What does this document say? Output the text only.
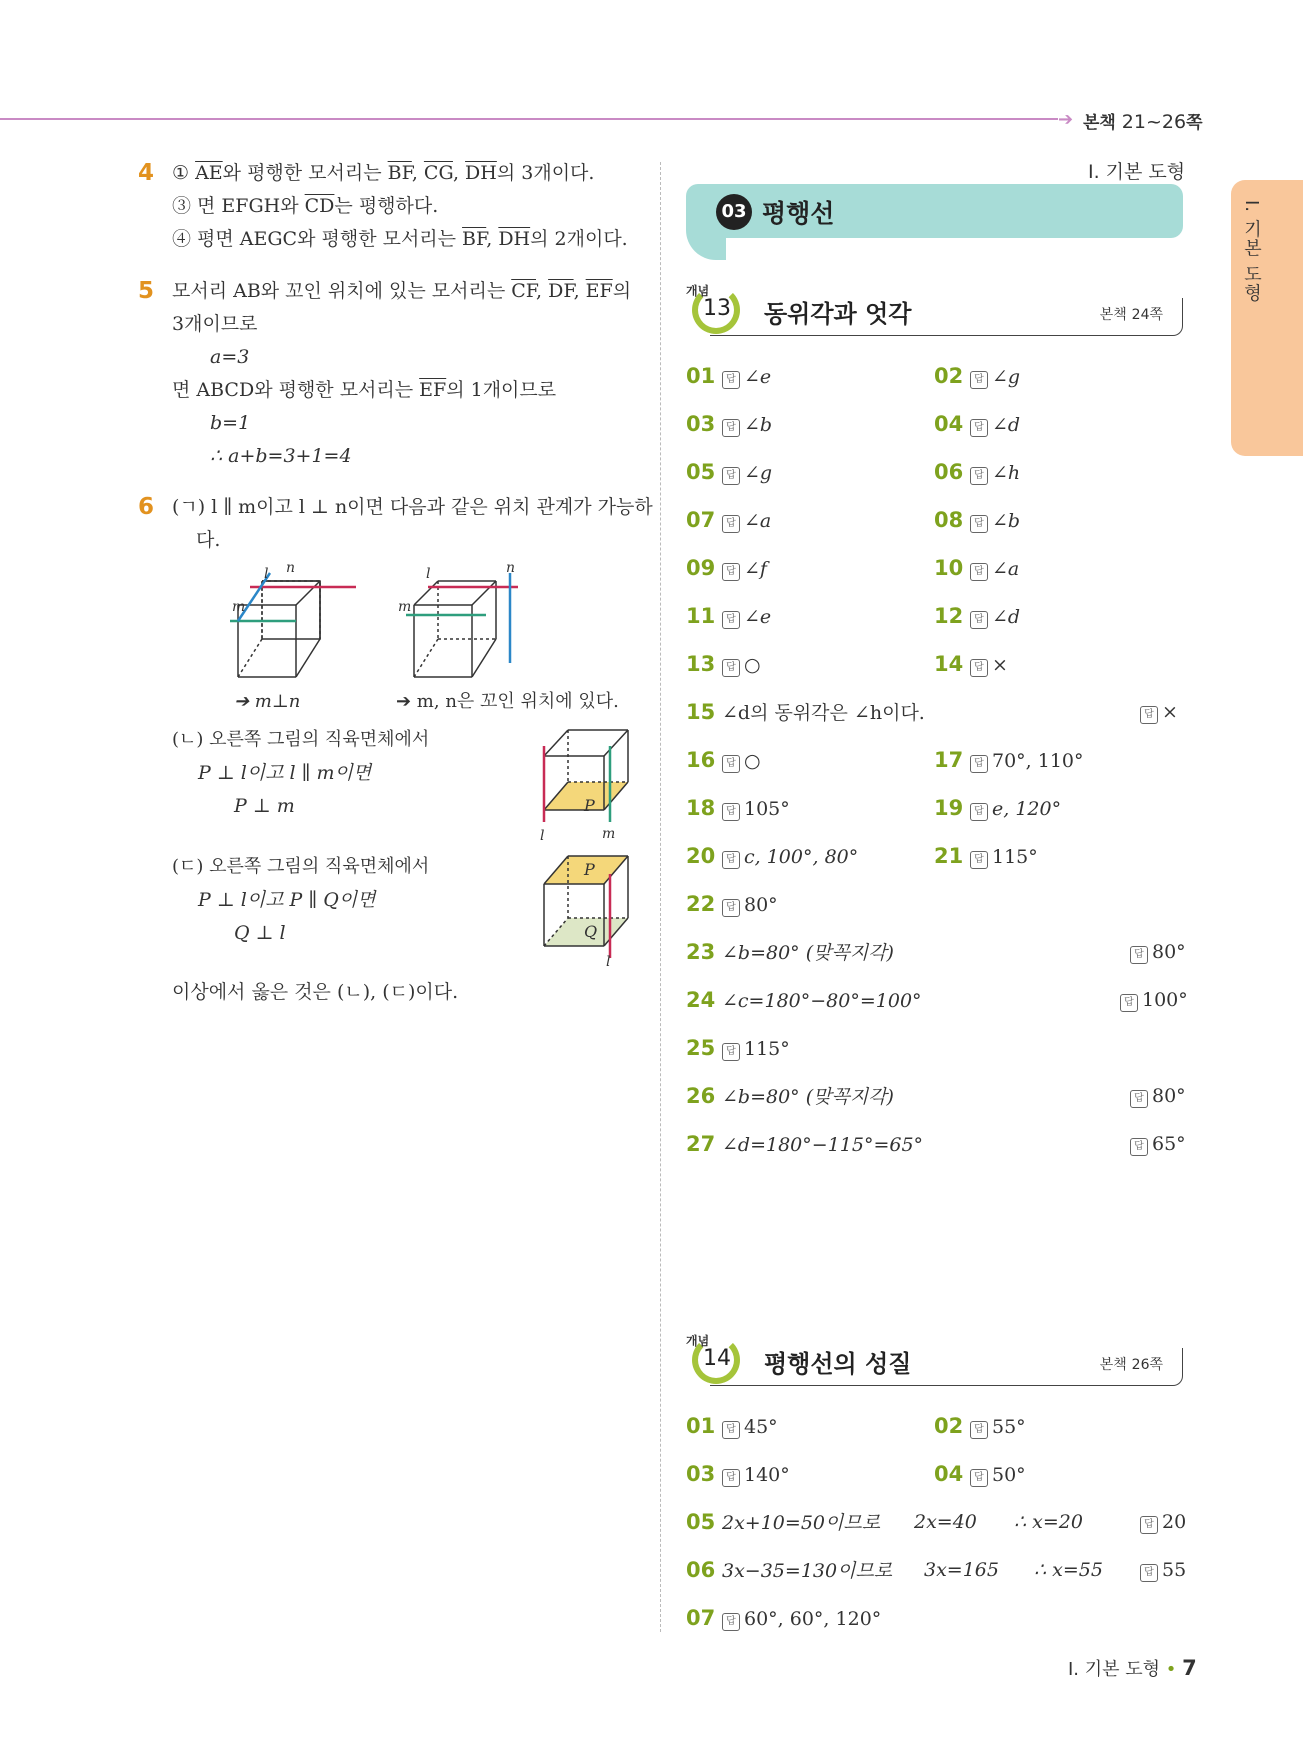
➔ 본책 21~26쪽
I. 기본 도형
4 ① $\overline{AE}$와 평행한 모서리는 $\overline{BF}$, $\overline{CG}$, $\overline{DH}$의 3개이다.
③ 면 EFGH와 $\overline{CD}$는 평행하다.
④ 평면 AEGC와 평행한 모서리는 $\overline{BF}$, $\overline{DH}$의 2개이다.
5 모서리 AB와 꼬인 위치에 있는 모서리는 $\overline{CF}$, $\overline{DF}$, $\overline{EF}$의
3개이므로
a=3
면 ABCD와 평행한 모서리는 $\overline{EF}$의 1개이므로
b=1
∴ a+b=3+1=4
6 (ㄱ) l ∥ m이고 l ⊥ n이면 다음과 같은 위치 관계가 가능하
다.
l n
m
l	n
m
➔ m⊥n	➔ m, n은 꼬인 위치에 있다.
(ㄴ) 오른쪽 그림의 직육면체에서
P ⊥ l이고 l ∥ m이면
P ⊥ m	P
l	m
(ㄷ) 오른쪽 그림의 직육면체에서
P ⊥ l이고 P ∥ Q이면
Q ⊥ l
P
Q
l
이상에서 옳은 것은 (ㄴ), (ㄷ)이다.
I. 기본 도형
03 평행선
개념
13 동위각과 엇각	본책 24쪽
01 답 ∠e	02 답 ∠g
03 답 ∠b	04 답 ∠d
05 답 ∠g	06 답 ∠h
07 답 ∠a	08 답 ∠b
09 답 ∠f	10 답 ∠a
11 답 ∠e	12 답 ∠d
13 답 ○	14 답 ×
15 ∠d의 동위각은 ∠h이다.	답 ×
16 답 ○	17 답 70°, 110°
18 답 105°	19 답 e, 120°
20 답 c, 100°, 80°	21 답 115°
22 답 80°
23 ∠b=80° (맞꼭지각)	답 80°
24 ∠c=180°−80°=100°	답 100°
25 답 115°
26 ∠b=80° (맞꼭지각)	답 80°
27 ∠d=180°−115°=65°	답 65°
개념
14 평행선의 성질	본책 26쪽
01 답 45°	02 답 55°
03 답 140°	04 답 50°
05 2x+10=50이므로 2x=40 ∴ x=20	답 20
06 3x−35=130이므로 3x=165 ∴ x=55	답 55
07 답 60°, 60°, 120°
I. 기본 도형 • 7
